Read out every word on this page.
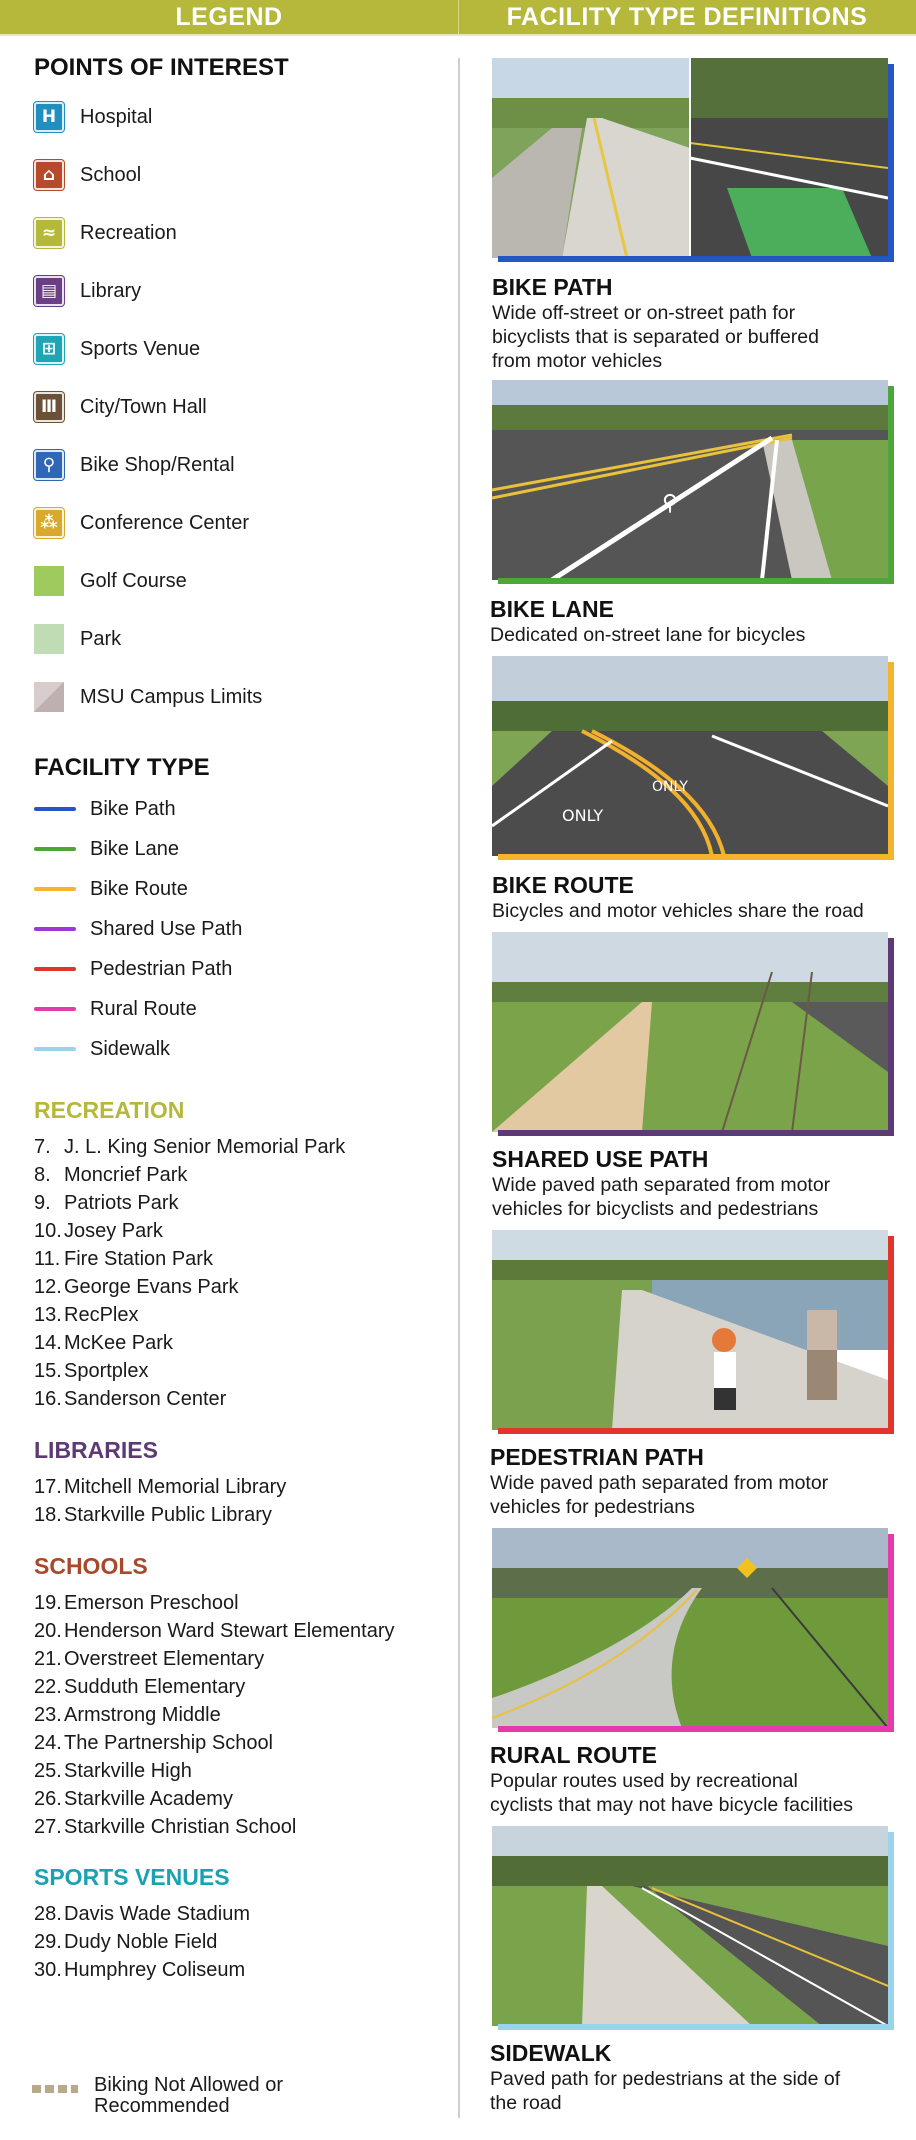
LEGEND	FACILITY TYPE DEFINITIONS
POINTS OF INTEREST
H	Hospital
⌂	School
≈	Recreation
▤	Library
⊞	Sports Venue
Ⅲ	City/Town Hall
⚲	Bike Shop/Rental
⁂	Conference Center
Golf Course
Park
MSU Campus Limits
FACILITY TYPE
Bike Path
Bike Lane
Bike Route
Shared Use Path
Pedestrian Path
Rural Route
Sidewalk
RECREATION
7. J. L. King Senior Memorial Park
8. Moncrief Park
9. Patriots Park
10. Josey Park
11. Fire Station Park
12. George Evans Park
13. RecPlex
14. McKee Park
15. Sportplex
16. Sanderson Center
LIBRARIES
17. Mitchell Memorial Library
18. Starkville Public Library
SCHOOLS
19. Emerson Preschool
20. Henderson Ward Stewart Elementary
21. Overstreet Elementary
22. Sudduth Elementary
23. Armstrong Middle
24. The Partnership School
25. Starkville High
26. Starkville Academy
27. Starkville Christian School
SPORTS VENUES
28. Davis Wade Stadium
29. Dudy Noble Field
30. Humphrey Coliseum
Biking Not Allowed or
Recommended
BIKE PATH
Wide off-street or on-street path for
bicyclists that is separated or buffered
from motor vehicles
⚲
BIKE LANE
Dedicated on-street lane for bicycles
ONLY
ONLY
BIKE ROUTE
Bicycles and motor vehicles share the road
SHARED USE PATH
Wide paved path separated from motor
vehicles for bicyclists and pedestrians
PEDESTRIAN PATH
Wide paved path separated from motor
vehicles for pedestrians
RURAL ROUTE
Popular routes used by recreational
cyclists that may not have bicycle facilities
SIDEWALK
Paved path for pedestrians at the side of
the road
